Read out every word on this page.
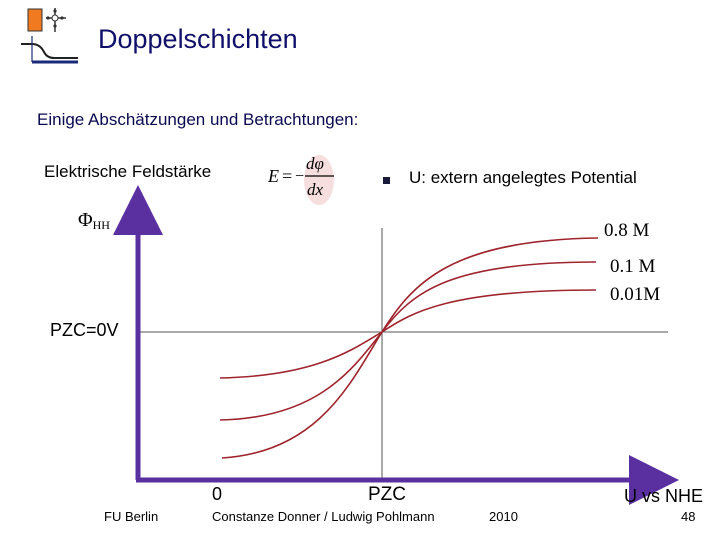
Doppelschichten
Einige Abschätzungen und Betrachtungen:
Elektrische Feldstärke	E = −
dφ
dx
U: extern angelegtes Potential
$\Phi_{HH}$	0.8 M
0.1 M
0.01M
PZC=0V
0	PZC	U vs NHE
FU Berlin	Constanze Donner / Ludwig Pohlmann	2010	48
